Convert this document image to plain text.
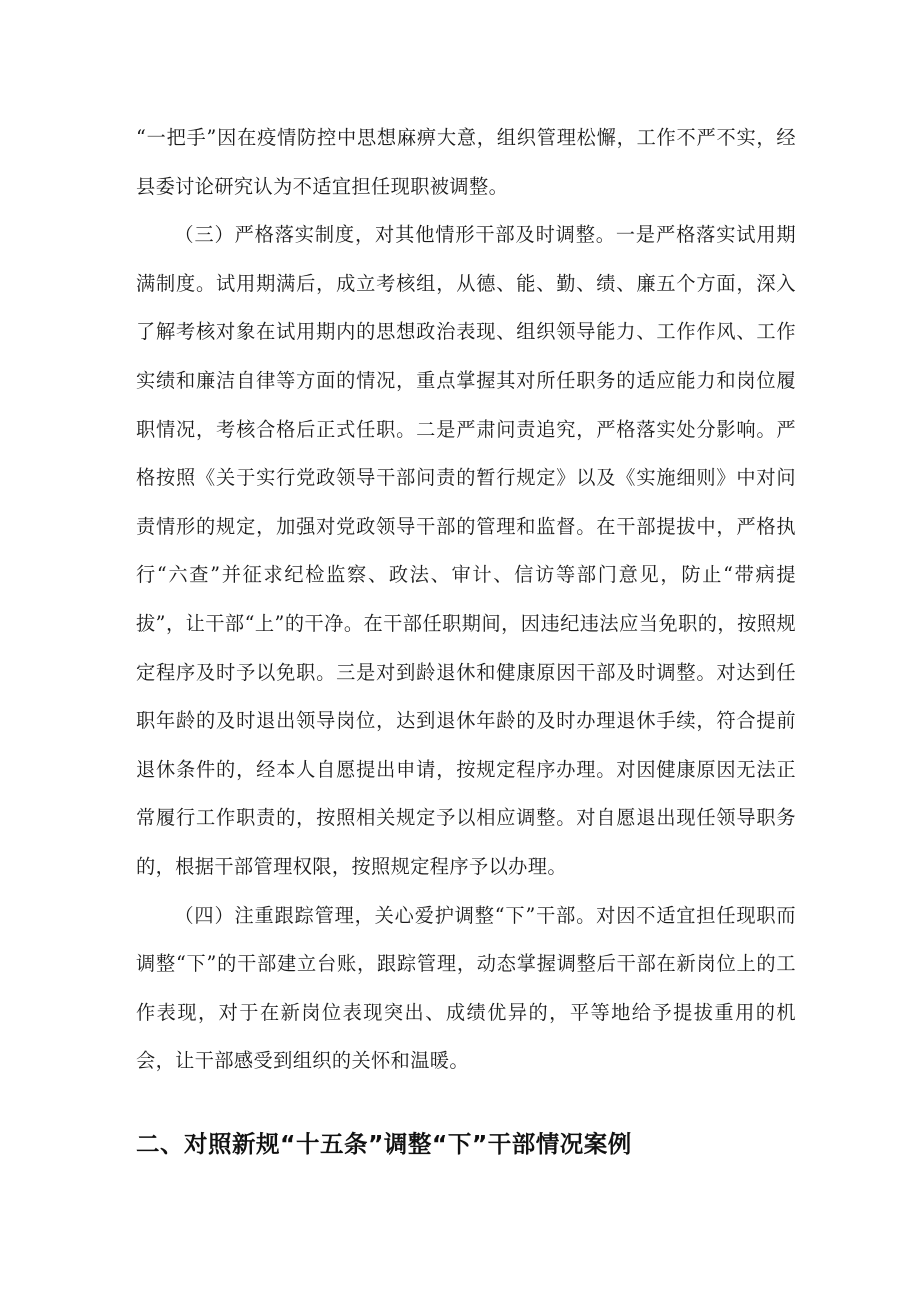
“一把手”因在疫情防控中思想麻痹大意，组织管理松懈，工作不严不实，经县委讨论研究认为不适宜担任现职被调整。

（三）严格落实制度，对其他情形干部及时调整。一是严格落实试用期满制度。试用期满后，成立考核组，从德、能、勤、绩、廉五个方面，深入了解考核对象在试用期内的思想政治表现、组织领导能力、工作作风、工作实绩和廉洁自律等方面的情况，重点掌握其对所任职务的适应能力和岗位履职情况，考核合格后正式任职。二是严肃问责追究，严格落实处分影响。严格按照《关于实行党政领导干部问责的暂行规定》以及《实施细则》中对问责情形的规定，加强对党政领导干部的管理和监督。在干部提拔中，严格执行“六查”并征求纪检监察、政法、审计、信访等部门意见，防止“带病提拔”，让干部“上”的干净。在干部任职期间，因违纪违法应当免职的，按照规定程序及时予以免职。三是对到龄退休和健康原因干部及时调整。对达到任职年龄的及时退出领导岗位，达到退休年龄的及时办理退休手续，符合提前退休条件的，经本人自愿提出申请，按规定程序办理。对因健康原因无法正常履行工作职责的，按照相关规定予以相应调整。对自愿退出现任领导职务的，根据干部管理权限，按照规定程序予以办理。

（四）注重跟踪管理，关心爱护调整“下”干部。对因不适宜担任现职而调整“下”的干部建立台账，跟踪管理，动态掌握调整后干部在新岗位上的工作表现，对于在新岗位表现突出、成绩优异的，平等地给予提拔重用的机会，让干部感受到组织的关怀和温暖。

二、对照新规“十五条”调整“下”干部情况案例
